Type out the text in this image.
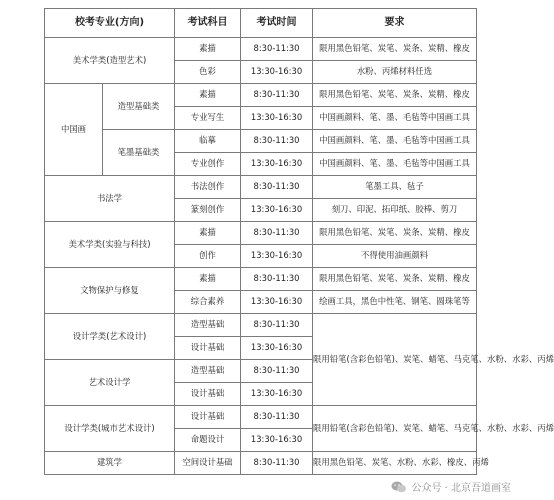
校考专业(方向)		考试科目	考试时间	要求
美术学类(造型艺术)		素描	8:30-11:30	限用黑色铅笔、炭笔、炭条、炭精、橡皮
		色彩	13:30-16:30	水粉、丙烯材料任选
中国画	造型基础类	素描	8:30-11:30	限用黑色铅笔、炭笔、炭条、炭精、橡皮
		专业写生	13:30-16:30	中国画颜料、笔、墨、毛毡等中国画工具
	笔墨基础类	临摹	8:30-11:30	中国画颜料、笔、墨、毛毡等中国画工具
		专业创作	13:30-16:30	中国画颜料、笔、墨、毛毡等中国画工具
书法学		书法创作	8:30-11:30	笔墨工具、毡子
		篆刻创作	13:30-16:30	刻刀、印泥、拓印纸、胶棒、剪刀
美术学类(实验与科技)		素描	8:30-11:30	限用黑色铅笔、炭笔、炭条、炭精、橡皮
		创作	13:30-16:30	不得使用油画颜料
文物保护与修复		素描	8:30-11:30	限用黑色铅笔、炭笔、炭条、炭精、橡皮
		综合素养	13:30-16:30	绘画工具，黑色中性笔、钢笔、圆珠笔等
设计学类(艺术设计)		造型基础	8:30-11:30	限用铅笔(含彩色铅笔)、炭笔、蜡笔、马克笔、水粉、水彩、丙烯
		设计基础	13:30-16:30	
艺术设计学		造型基础	8:30-11:30	
		设计基础	13:30-16:30	
设计学类(城市艺术设计)		设计基础	8:30-11:30	限用铅笔(含彩色铅笔)、炭笔、蜡笔、马克笔、水粉、水彩、丙烯
		命题设计	13:30-16:30	
建筑学		空间设计基础	8:30-11:30	限用黑色铅笔、炭笔、水粉、水彩、橡皮、丙烯
公众号 · 北京吾道画室
